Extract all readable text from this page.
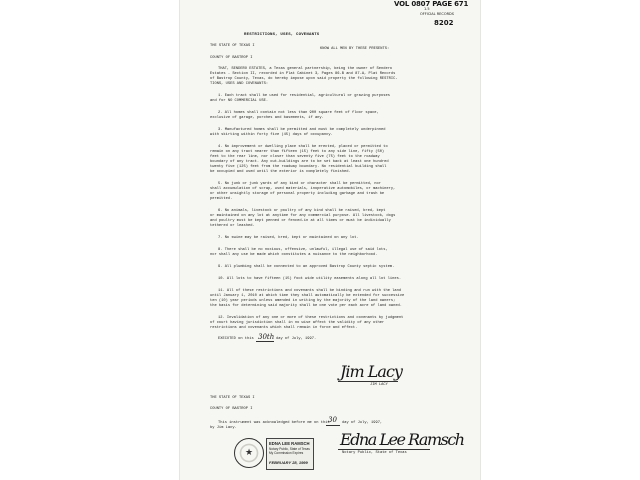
VOL 0807 PAGE 671
1.5
OFFICIAL RECORDS
8202
RESTRICTIONS, USES, COVENANTS
THE STATE OF TEXAS I
KNOW ALL MEN BY THESE PRESENTS:
COUNTY OF BASTROP I
THAT, SENDERO ESTATES, a Texas general partnership, being the owner of Sendero
Estates - Section II, recorded in Plat Cabinet 3, Pages 86-B and 87-A, Plat Records
of Bastrop County, Texas, do hereby impose upon said property the following RESTRIC-
TIONS, USES AND COVENANTS:
1. Each tract shall be used for residential, agricultural or grazing purposes
and for NO COMMERCIAL USE.
2. All homes shall contain not less than 900 square feet of floor space,
exclusive of garage, porches and basements, if any.
3. Manufactured homes shall be permitted and must be completely underpinned
with skirting within forty five (45) days of occupancy.
4. No improvement or dwelling place shall be erected, placed or permitted to
remain on any tract nearer than fifteen (15) feet to any side line, fifty (50)
feet to the rear line, nor closer than seventy five (75) feet to the roadway
boundary of any tract. Any out-buildings are to be set back at least one hundred
twenty five (125) feet from the roadway boundary. No residential building shall
be occupied and used until the exterior is completely finished.
5. No junk or junk yards of any kind or character shall be permitted, nor
shall accumulation of scrap, used materials, inoperative automobiles, or machinery,
or other unsightly storage of personal property including garbage and trash be
permitted.
6. No animals, livestock or poultry of any kind shall be raised, bred, kept
or maintained on any lot at anytime for any commercial purpose. All livestock, dogs
and poultry must be kept penned or fenced-in at all times or must be individually
tethered or leashed.
7. No swine may be raised, bred, kept or maintained on any lot.
8. There shall be no noxious, offensive, unlawful, illegal use of said lots,
nor shall any use be made which constitutes a nuisance to the neighborhood.
9. All plumbing shall be connected to an approved Bastrop County septic system.
10. All lots to have fifteen (15) foot wide utility easements along all lot lines.
11. All of these restrictions and covenants shall be binding and run with the land
until January 1, 2010 at which time they shall automatically be extended for successive
ten (10) year periods unless amended in writing by the majority of the land owners;
the basis for determining said majority shall be one vote per each acre of land owned.
12. Invalidation of any one or more of these restrictions and covenants by judgment
of court having jurisdiction shall in no wise affect the validity of any other
restrictions and covenants which shall remain in force and effect.
EXECUTED on this 30th day of July, 1997.
Jim Lacy
JIM LACY
THE STATE OF TEXAS I
COUNTY OF BASTROP I
This instrument was acknowledged before me on this
30 day of July, 1997,
by Jim Lacy.
★
EDNA LEE RAMSCH
Notary Public, State of Texas
My Commission Expires
FEBRUARY 28, 1999
Edna Lee Ramsch
Notary Public, State of Texas
